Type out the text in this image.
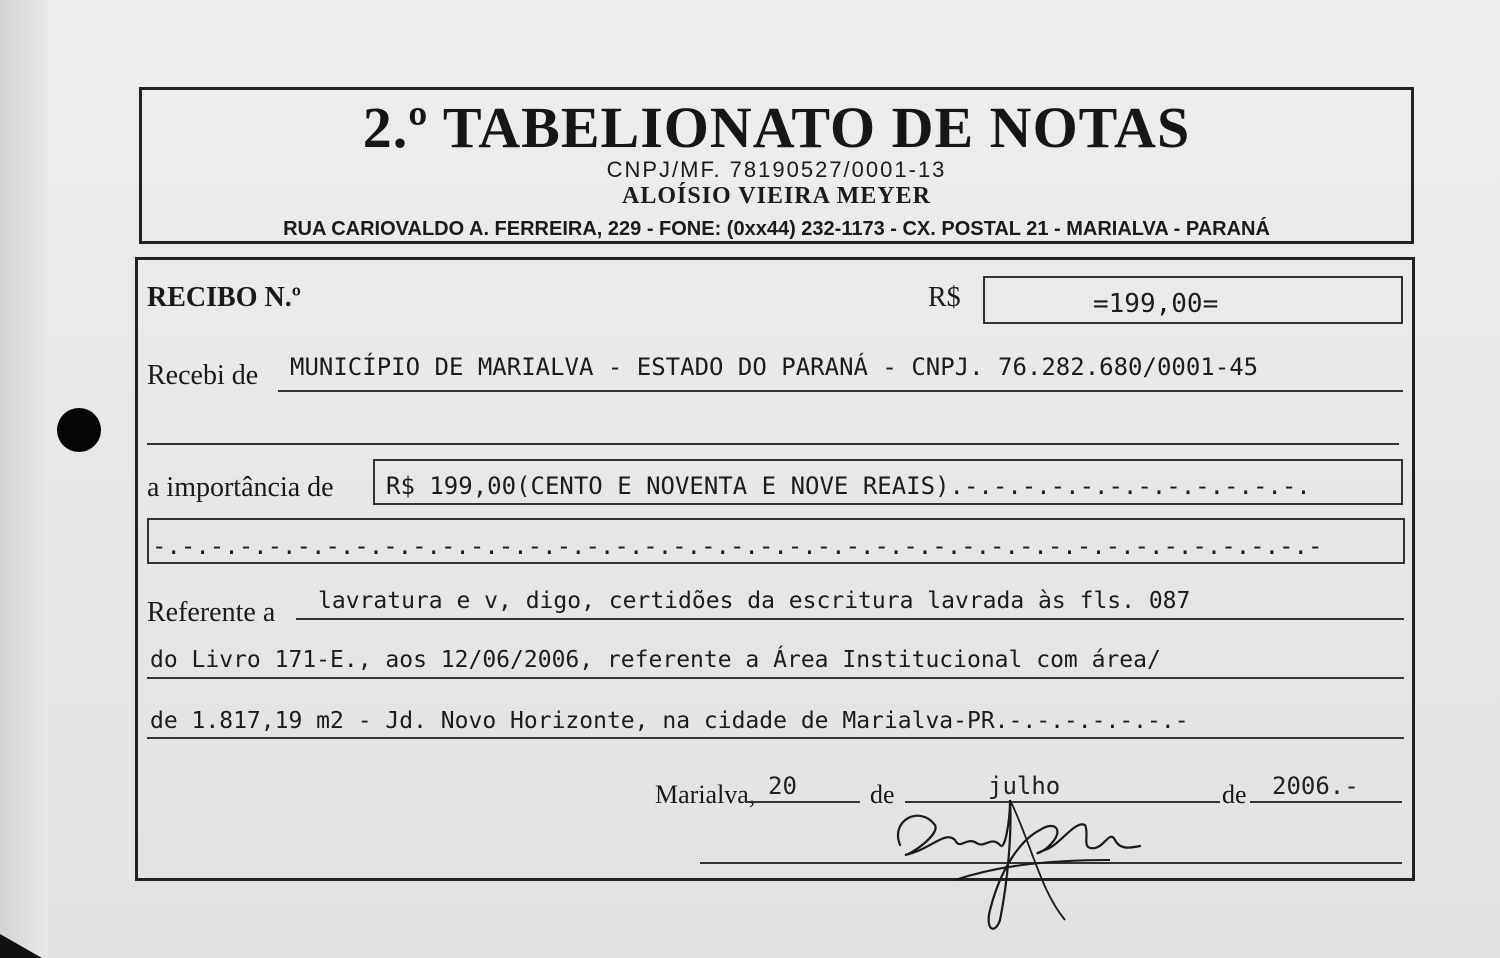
2.º TABELIONATO DE NOTAS
CNPJ/MF. 78190527/0001-13
ALOÍSIO VIEIRA MEYER
RUA CARIOVALDO A. FERREIRA, 229 - FONE: (0xx44) 232-1173 - CX. POSTAL 21 - MARIALVA - PARANÁ
RECIBO N.º	R$	=199,00=
Recebi de MUNICÍPIO DE MARIALVA - ESTADO DO PARANÁ - CNPJ. 76.282.680/0001-45
a importância de R$ 199,00(CENTO E NOVENTA E NOVE REAIS).-.-.-.-.-.-.-.-.-.-.-.-.
-.-.-.-.-.-.-.-.-.-.-.-.-.-.-.-.-.-.-.-.-.-.-.-.-.-.-.-.-.-.-.-.-.-.-.-.-.-.-.-.-
Referente a lavratura e v, digo, certidões da escritura lavrada às fls. 087
do Livro 171-E., aos 12/06/2006, referente a Área Institucional com área/
de 1.817,19 m2 - Jd. Novo Horizonte, na cidade de Marialva-PR.-.-.-.-.-.-.-
Marialva, 20	de	julho	de 2006.-
